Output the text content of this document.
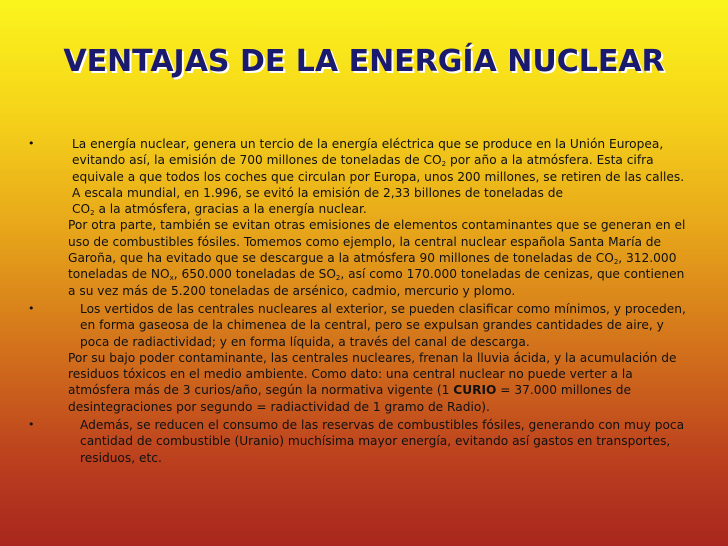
VENTAJAS DE LA ENERGÍA NUCLEAR
•	La energía nuclear, genera un tercio de la energía eléctrica que se produce en la Unión Europea, evitando así, la emisión de 700 millones de toneladas de $CO_2$ por año a la atmósfera. Esta cifra equivale a que todos los coches que circulan por Europa, unos 200 millones, se retiren de las calles. A escala mundial, en 1.996, se evitó la emisión de 2,33 billones de toneladas de
$CO_2$ a la atmósfera, gracias a la energía nuclear.

Por otra parte, también se evitan otras emisiones de elementos contaminantes que se generan en el uso de combustibles fósiles. Tomemos como ejemplo, la central nuclear española Santa María de Garoña, que ha evitado que se descargue a la atmósfera 90 millones de toneladas de $CO_2$, 312.000 toneladas de $NO_x$, 650.000 toneladas de $SO_2$, así como 170.000 toneladas de cenizas, que contienen a su vez más de 5.200 toneladas de arsénico, cadmio, mercurio y plomo.

•	Los vertidos de las centrales nucleares al exterior, se pueden clasificar como mínimos, y proceden, en forma gaseosa de la chimenea de la central, pero se expulsan grandes cantidades de aire, y poca de radiactividad; y en forma líquida, a través del canal de descarga.

Por su bajo poder contaminante, las centrales nucleares, frenan la lluvia ácida, y la acumulación de residuos tóxicos en el medio ambiente. Como dato: una central nuclear no puede verter a la atmósfera más de 3 curios/año, según la normativa vigente (1 CURIO = 37.000 millones de desintegraciones por segundo = radiactividad de 1 gramo de Radio).

•	Además, se reducen el consumo de las reservas de combustibles fósiles, generando con muy poca cantidad de combustible (Uranio) muchísima mayor energía, evitando así gastos en transportes, residuos, etc.
